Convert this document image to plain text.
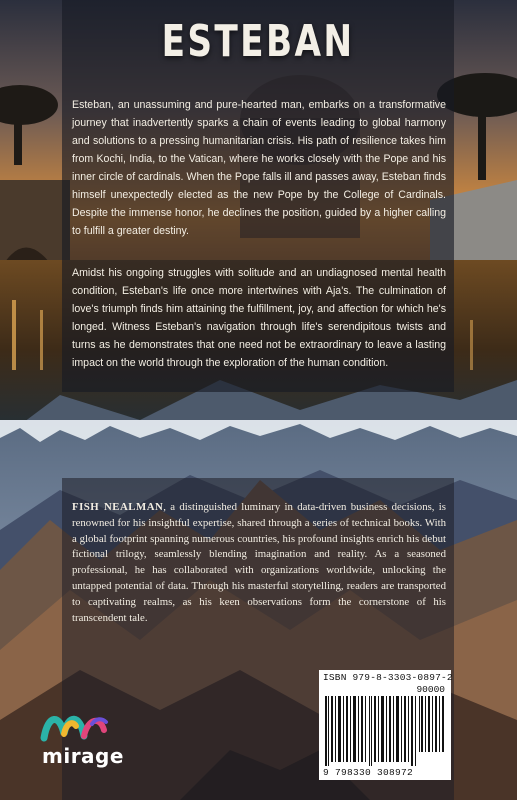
ESTEBAN

Esteban, an unassuming and pure-hearted man, embarks on a transformative journey that inadvertently sparks a chain of events leading to global harmony and solutions to a pressing humanitarian crisis. His path of resilience takes him from Kochi, India, to the Vatican, where he works closely with the Pope and his inner circle of cardinals. When the Pope falls ill and passes away, Esteban finds himself unexpectedly elected as the new Pope by the College of Cardinals. Despite the immense honor, he declines the position, guided by a higher calling to fulfill a greater destiny.

Amidst his ongoing struggles with solitude and an undiagnosed mental health condition, Esteban's life once more intertwines with Aja's. The culmination of love's triumph finds him attaining the fulfillment, joy, and affection for which he's longed. Witness Esteban's navigation through life's serendipitous twists and turns as he demonstrates that one need not be extraordinary to leave a lasting impact on the world through the exploration of the human condition.

FISH NEALMAN, a distinguished luminary in data-driven business decisions, is renowned for his insightful expertise, shared through a series of technical books. With a global footprint spanning numerous countries, his profound insights enrich his debut fictional trilogy, seamlessly blending imagination and reality. As a seasoned professional, he has collaborated with organizations worldwide, unlocking the untapped potential of data. Through his masterful storytelling, readers are transported to captivating realms, as his keen observations form the cornerstone of his transcendent tale.

ISBN 979-8-3303-0897-2
90000
9 798330 308972
mirage
